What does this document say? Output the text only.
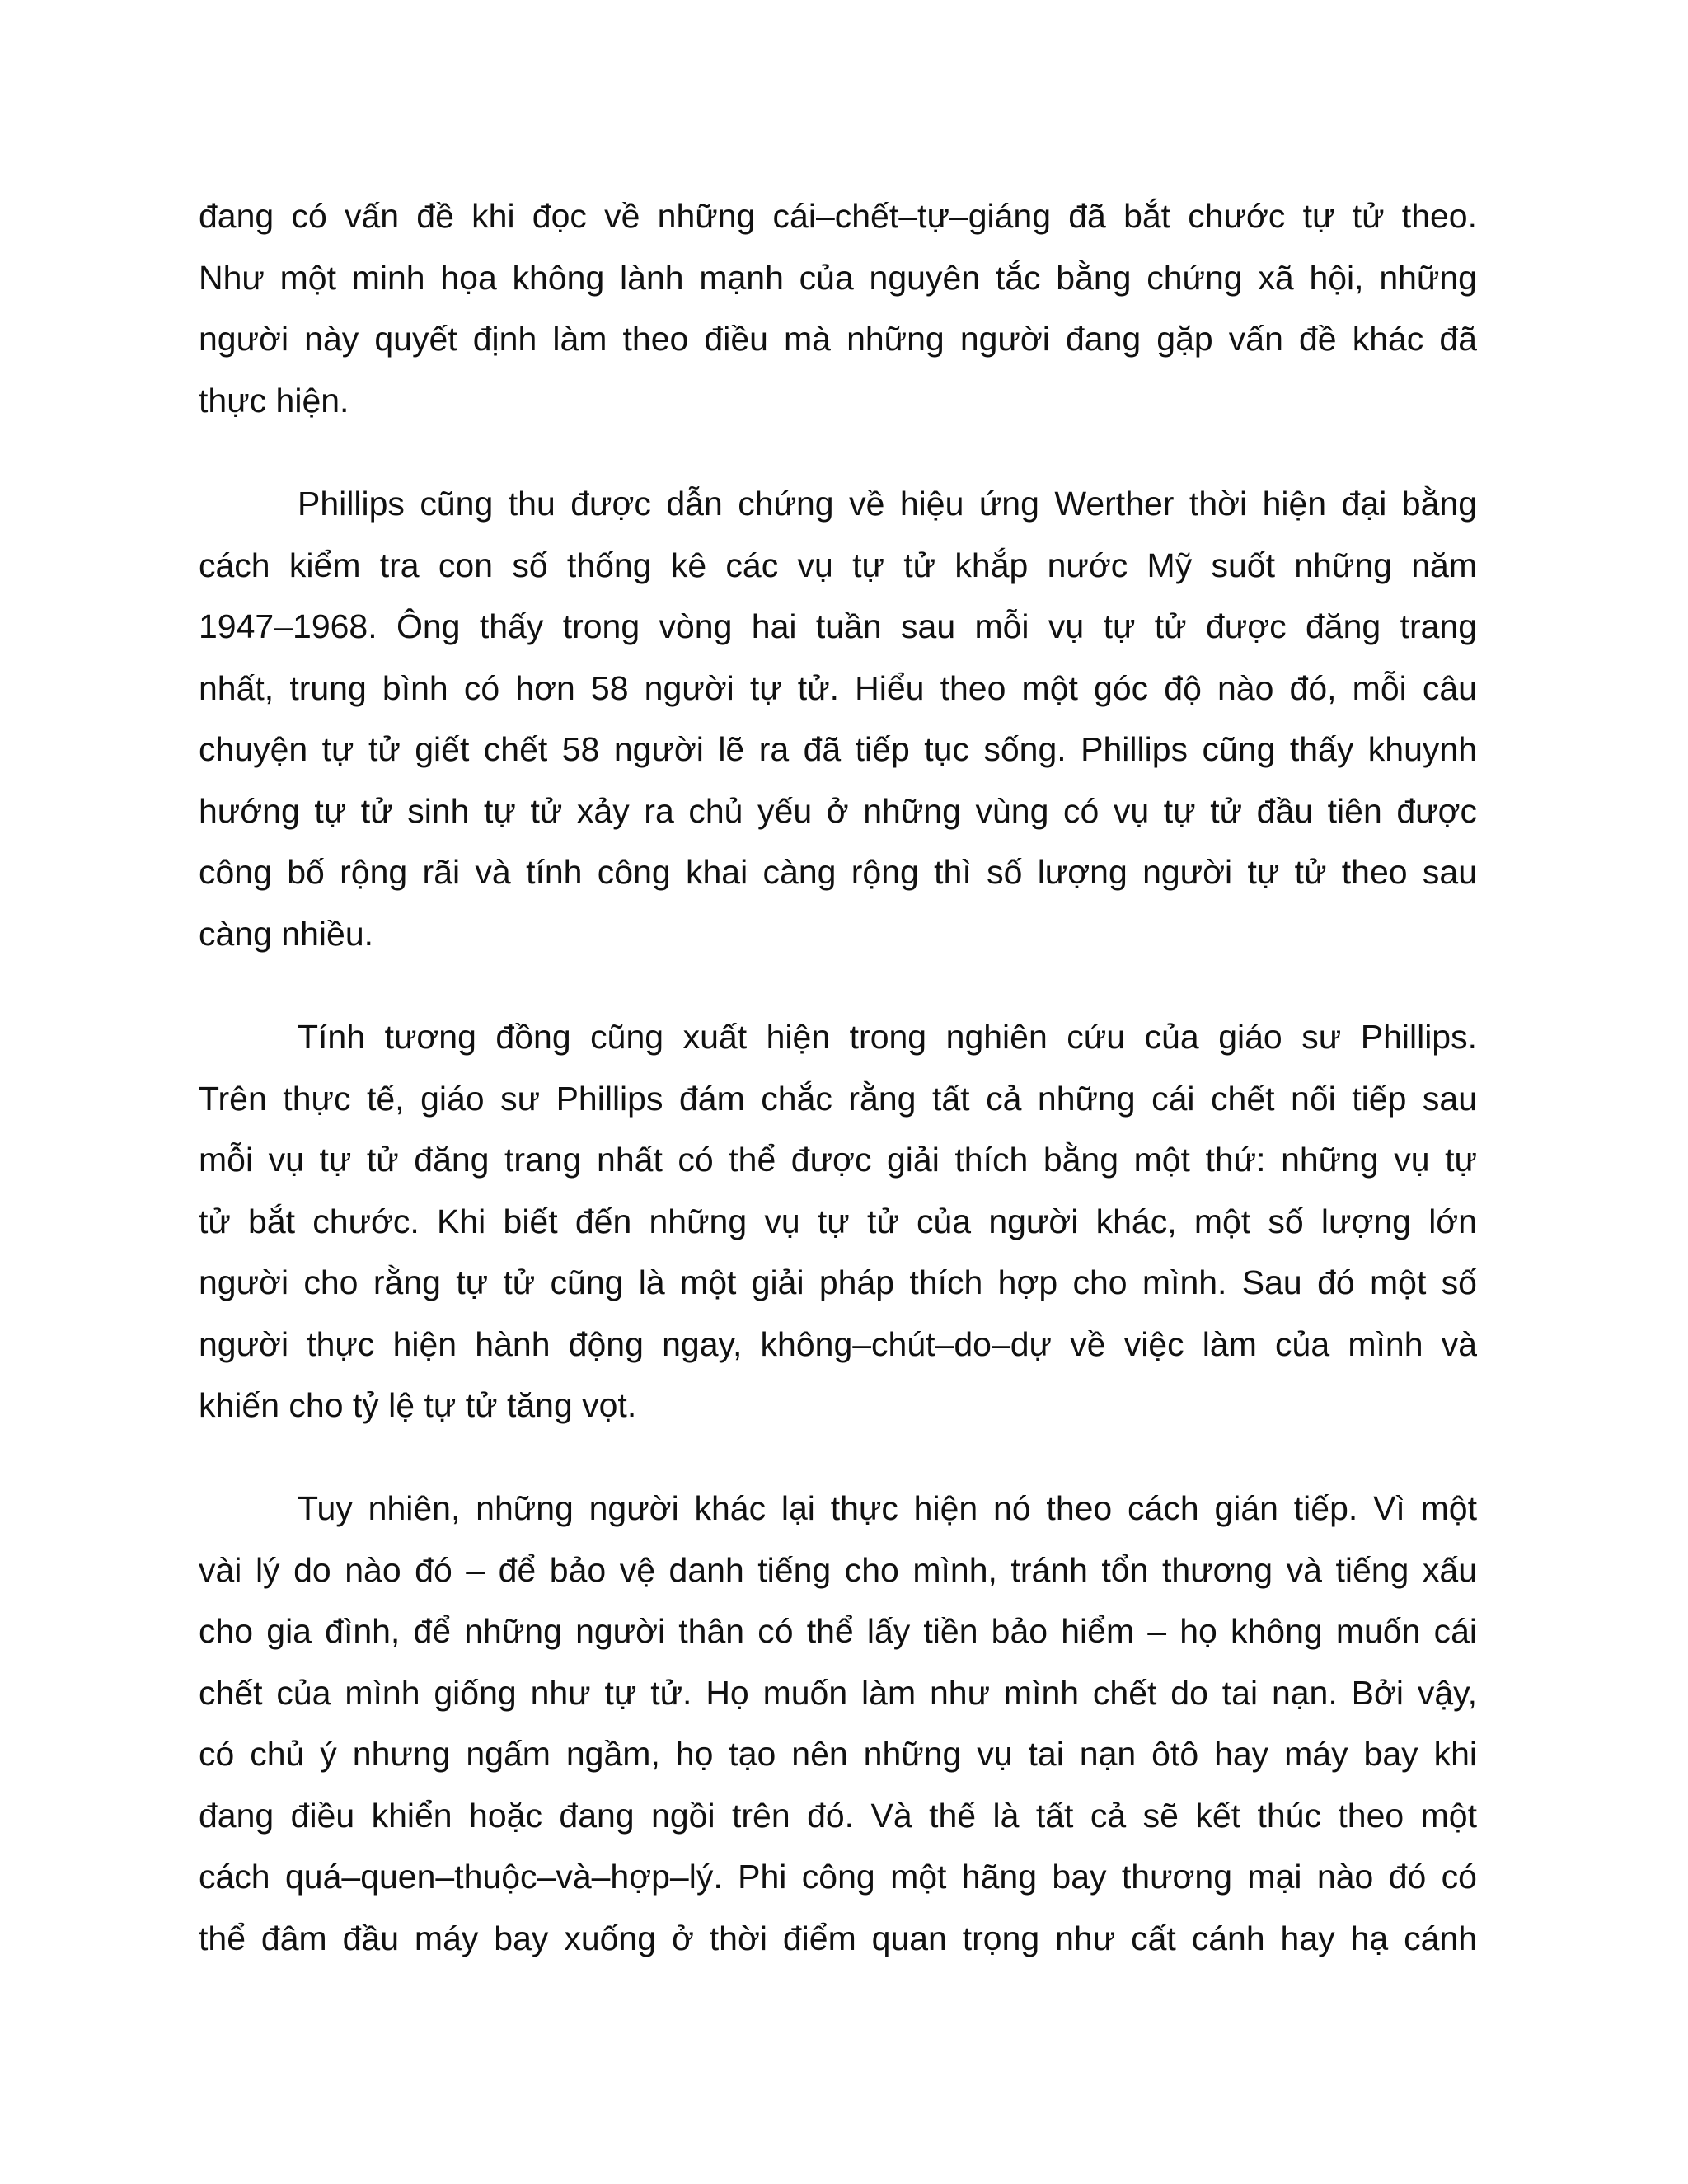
đang có vấn đề khi đọc về những cái–chết–tự–giáng đã bắt chước tự tử theo.
Như một minh họa không lành mạnh của nguyên tắc bằng chứng xã hội, những
người này quyết định làm theo điều mà những người đang gặp vấn đề khác đã
thực hiện.
Phillips cũng thu được dẫn chứng về hiệu ứng Werther thời hiện đại bằng
cách kiểm tra con số thống kê các vụ tự tử khắp nước Mỹ suốt những năm
1947–1968. Ông thấy trong vòng hai tuần sau mỗi vụ tự tử được đăng trang
nhất, trung bình có hơn 58 người tự tử. Hiểu theo một góc độ nào đó, mỗi câu
chuyện tự tử giết chết 58 người lẽ ra đã tiếp tục sống. Phillips cũng thấy khuynh
hướng tự tử sinh tự tử xảy ra chủ yếu ở những vùng có vụ tự tử đầu tiên được
công bố rộng rãi và tính công khai càng rộng thì số lượng người tự tử theo sau
càng nhiều.
Tính tương đồng cũng xuất hiện trong nghiên cứu của giáo sư Phillips.
Trên thực tế, giáo sư Phillips đám chắc rằng tất cả những cái chết nối tiếp sau
mỗi vụ tự tử đăng trang nhất có thể được giải thích bằng một thứ: những vụ tự
tử bắt chước. Khi biết đến những vụ tự tử của người khác, một số lượng lớn
người cho rằng tự tử cũng là một giải pháp thích hợp cho mình. Sau đó một số
người thực hiện hành động ngay, không–chút–do–dự về việc làm của mình và
khiến cho tỷ lệ tự tử tăng vọt.
Tuy nhiên, những người khác lại thực hiện nó theo cách gián tiếp. Vì một
vài lý do nào đó – để bảo vệ danh tiếng cho mình, tránh tổn thương và tiếng xấu
cho gia đình, để những người thân có thể lấy tiền bảo hiểm – họ không muốn cái
chết của mình giống như tự tử. Họ muốn làm như mình chết do tai nạn. Bởi vậy,
có chủ ý nhưng ngấm ngầm, họ tạo nên những vụ tai nạn ôtô hay máy bay khi
đang điều khiển hoặc đang ngồi trên đó. Và thế là tất cả sẽ kết thúc theo một
cách quá–quen–thuộc–và–hợp–lý. Phi công một hãng bay thương mại nào đó có
thể đâm đầu máy bay xuống ở thời điểm quan trọng như cất cánh hay hạ cánh
